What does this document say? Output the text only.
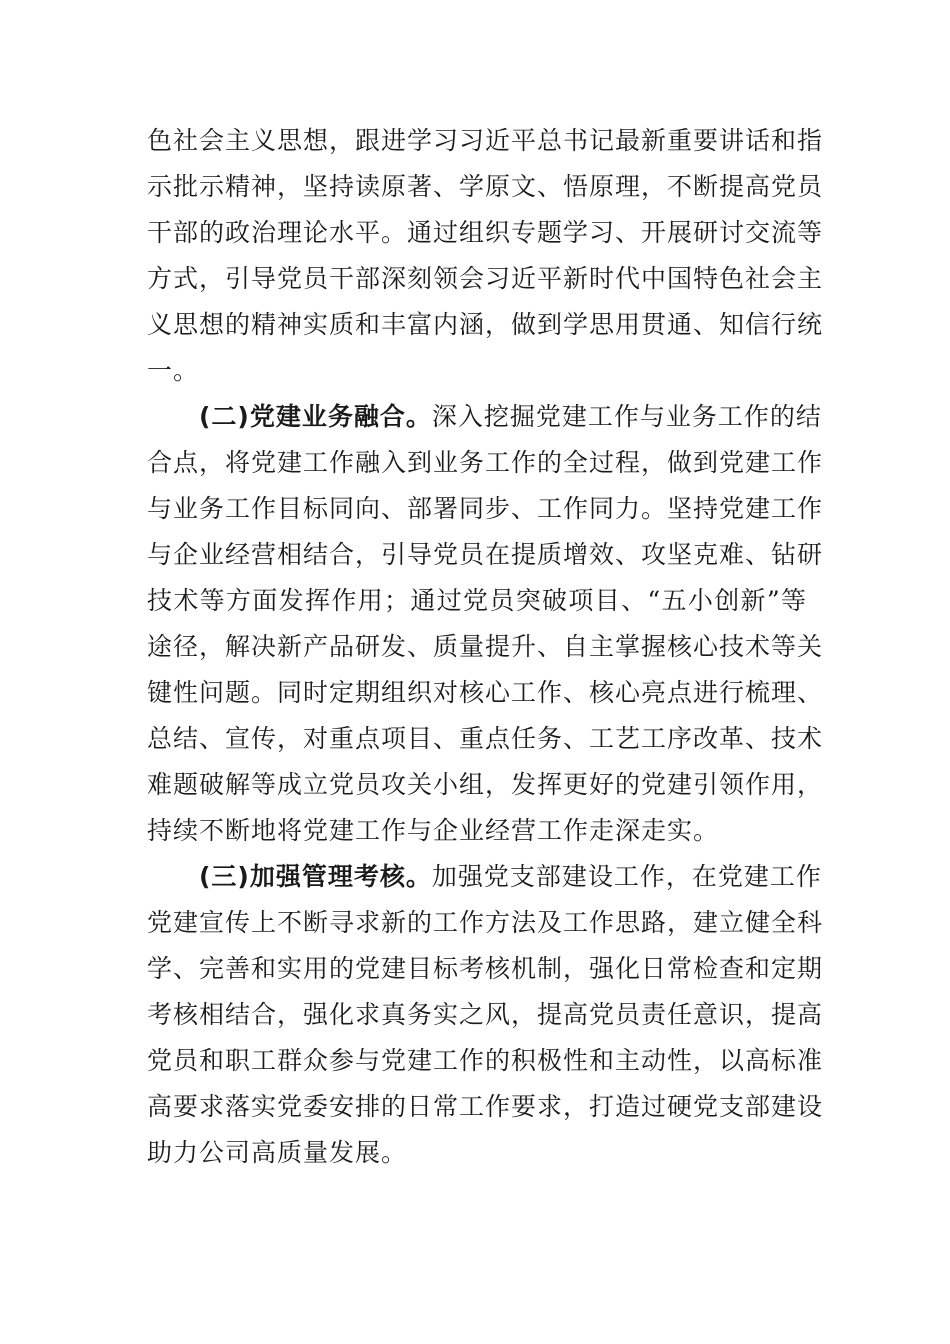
色社会主义思想，跟进学习习近平总书记最新重要讲话和指
示批示精神，坚持读原著、学原文、悟原理，不断提高党员
干部的政治理论水平。通过组织专题学习、开展研讨交流等
方式，引导党员干部深刻领会习近平新时代中国特色社会主
义思想的精神实质和丰富内涵，做到学思用贯通、知信行统
一。
(二)党建业务融合。深入挖掘党建工作与业务工作的结
合点，将党建工作融入到业务工作的全过程，做到党建工作
与业务工作目标同向、部署同步、工作同力。坚持党建工作
与企业经营相结合，引导党员在提质增效、攻坚克难、钻研
技术等方面发挥作用；通过党员突破项目、“五小创新”等
途径，解决新产品研发、质量提升、自主掌握核心技术等关
键性问题。同时定期组织对核心工作、核心亮点进行梳理、
总结、宣传，对重点项目、重点任务、工艺工序改革、技术
难题破解等成立党员攻关小组，发挥更好的党建引领作用，
持续不断地将党建工作与企业经营工作走深走实。
(三)加强管理考核。加强党支部建设工作，在党建工作
党建宣传上不断寻求新的工作方法及工作思路，建立健全科
学、完善和实用的党建目标考核机制，强化日常检查和定期
考核相结合，强化求真务实之风，提高党员责任意识，提高
党员和职工群众参与党建工作的积极性和主动性，以高标准
高要求落实党委安排的日常工作要求，打造过硬党支部建设
助力公司高质量发展。
